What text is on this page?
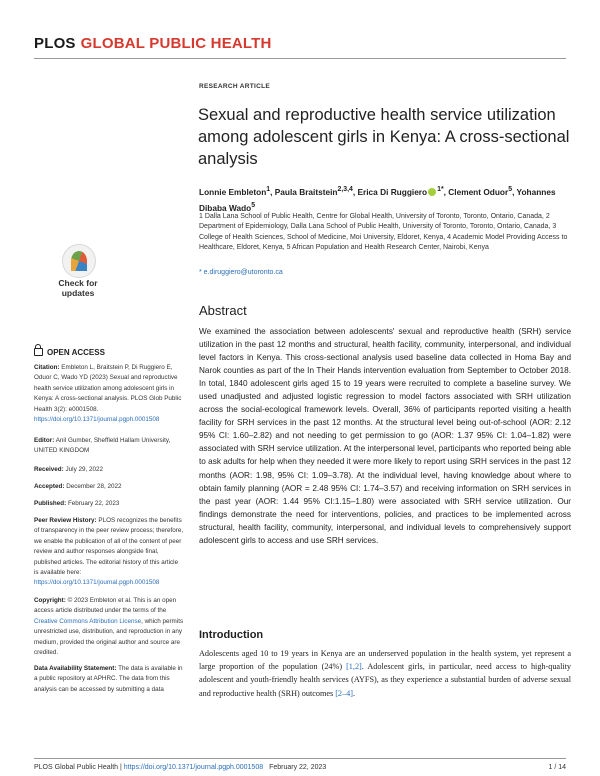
PLOS GLOBAL PUBLIC HEALTH
Check for
updates
OPEN ACCESS
Citation: Embleton L, Braitstein P, Di Ruggiero E, Oduor C, Wado YD (2023) Sexual and reproductive health service utilization among adolescent girls in Kenya: A cross-sectional analysis. PLOS Glob Public Health 3(2): e0001508. https://doi.org/10.1371/journal.pgph.0001508
Editor: Anil Gumber, Sheffield Hallam University, UNITED KINGDOM
Received: July 29, 2022
Accepted: December 28, 2022
Published: February 22, 2023
Peer Review History: PLOS recognizes the benefits of transparency in the peer review process; therefore, we enable the publication of all of the content of peer review and author responses alongside final, published articles. The editorial history of this article is available here: https://doi.org/10.1371/journal.pgph.0001508
Copyright: © 2023 Embleton et al. This is an open access article distributed under the terms of the Creative Commons Attribution License, which permits unrestricted use, distribution, and reproduction in any medium, provided the original author and source are credited.
Data Availability Statement: The data is available in a public repository at APHRC. The data from this analysis can be accessed by submitting a data
RESEARCH ARTICLE
Sexual and reproductive health service utilization among adolescent girls in Kenya: A cross-sectional analysis
Lonnie Embleton$^1$, Paula Braitstein$^{2,3,4}$, Erica Di Ruggiero $^{1*}$, Clement Oduor$^5$, Yohannes Dibaba Wado$^5$
1 Dalla Lana School of Public Health, Centre for Global Health, University of Toronto, Toronto, Ontario, Canada, 2 Department of Epidemiology, Dalla Lana School of Public Health, University of Toronto, Toronto, Ontario, Canada, 3 College of Health Sciences, School of Medicine, Moi University, Eldoret, Kenya, 4 Academic Model Providing Access to Healthcare, Eldoret, Kenya, 5 African Population and Health Research Center, Nairobi, Kenya
* e.diruggiero@utoronto.ca
Abstract
We examined the association between adolescents' sexual and reproductive health (SRH) service utilization in the past 12 months and structural, health facility, community, interpersonal, and individual level factors in Kenya. This cross-sectional analysis used baseline data collected in Homa Bay and Narok counties as part of the In Their Hands intervention evaluation from September to October 2018. In total, 1840 adolescent girls aged 15 to 19 years were recruited to complete a baseline survey. We used unadjusted and adjusted logistic regression to model factors associated with SRH utilization across the social-ecological framework levels. Overall, 36% of participants reported visiting a health facility for SRH services in the past 12 months. At the structural level being out-of-school (AOR: 2.12 95% CI: 1.60–2.82) and not needing to get permission to go (AOR: 1.37 95% CI: 1.04–1.82) were associated with SRH service utilization. At the interpersonal level, participants who reported being able to ask adults for help when they needed it were more likely to report using SRH services in the past 12 months (AOR: 1.98, 95% CI: 1.09–3.78). At the individual level, having knowledge about where to obtain family planning (AOR = 2.48 95% CI: 1.74–3.57) and receiving information on SRH services in the past year (AOR: 1.44 95% CI:1.15–1.80) were associated with SRH service utilization. Our findings demonstrate the need for interventions, policies, and practices to be implemented across structural, health facility, community, interpersonal, and individual levels to comprehensively support adolescent girls to access and use SRH services.
Introduction
Adolescents aged 10 to 19 years in Kenya are an underserved population in the health system, yet represent a large proportion of the population (24%) [1,2]. Adolescent girls, in particular, need access to high-quality adolescent and youth-friendly health services (AYFS), as they experience a substantial burden of adverse sexual and reproductive health (SRH) outcomes [2–4].
PLOS Global Public Health | https://doi.org/10.1371/journal.pgph.0001508 February 22, 2023	1 / 14
